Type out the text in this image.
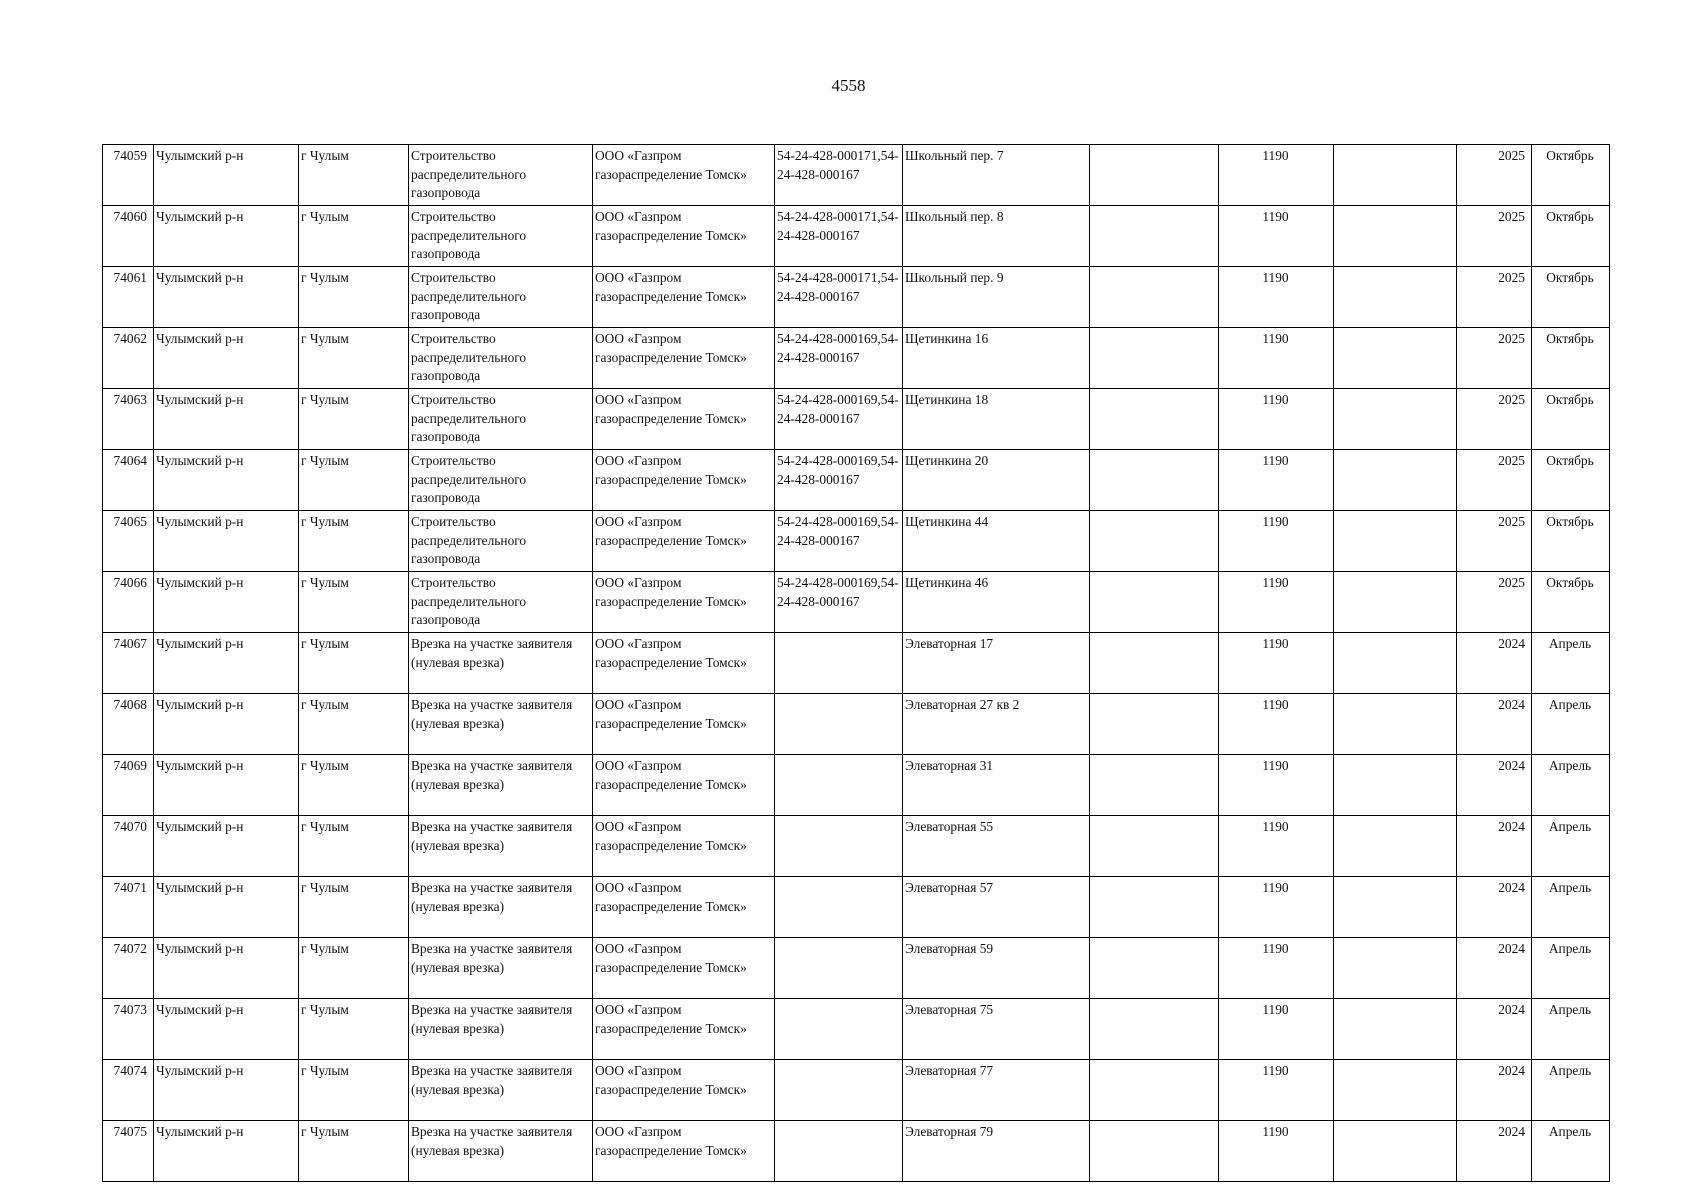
4558
74059	Чулымский р-н	г Чулым	Строительство распределительного газопровода	ООО «Газпром газораспределение Томск»	54-24-428-000171,54-24-428-000167	Школьный пер. 7		1190		2025	Октябрь
74060	Чулымский р-н	г Чулым	Строительство распределительного газопровода	ООО «Газпром газораспределение Томск»	54-24-428-000171,54-24-428-000167	Школьный пер. 8		1190		2025	Октябрь
74061	Чулымский р-н	г Чулым	Строительство распределительного газопровода	ООО «Газпром газораспределение Томск»	54-24-428-000171,54-24-428-000167	Школьный пер. 9		1190		2025	Октябрь
74062	Чулымский р-н	г Чулым	Строительство распределительного газопровода	ООО «Газпром газораспределение Томск»	54-24-428-000169,54-24-428-000167	Щетинкина 16		1190		2025	Октябрь
74063	Чулымский р-н	г Чулым	Строительство распределительного газопровода	ООО «Газпром газораспределение Томск»	54-24-428-000169,54-24-428-000167	Щетинкина 18		1190		2025	Октябрь
74064	Чулымский р-н	г Чулым	Строительство распределительного газопровода	ООО «Газпром газораспределение Томск»	54-24-428-000169,54-24-428-000167	Щетинкина 20		1190		2025	Октябрь
74065	Чулымский р-н	г Чулым	Строительство распределительного газопровода	ООО «Газпром газораспределение Томск»	54-24-428-000169,54-24-428-000167	Щетинкина 44		1190		2025	Октябрь
74066	Чулымский р-н	г Чулым	Строительство распределительного газопровода	ООО «Газпром газораспределение Томск»	54-24-428-000169,54-24-428-000167	Щетинкина 46		1190		2025	Октябрь
74067	Чулымский р-н	г Чулым	Врезка на участке заявителя (нулевая врезка)	ООО «Газпром газораспределение Томск»		Элеваторная 17		1190		2024	Апрель
74068	Чулымский р-н	г Чулым	Врезка на участке заявителя (нулевая врезка)	ООО «Газпром газораспределение Томск»		Элеваторная 27 кв 2		1190		2024	Апрель
74069	Чулымский р-н	г Чулым	Врезка на участке заявителя (нулевая врезка)	ООО «Газпром газораспределение Томск»		Элеваторная 31		1190		2024	Апрель
74070	Чулымский р-н	г Чулым	Врезка на участке заявителя (нулевая врезка)	ООО «Газпром газораспределение Томск»		Элеваторная 55		1190		2024	Апрель
74071	Чулымский р-н	г Чулым	Врезка на участке заявителя (нулевая врезка)	ООО «Газпром газораспределение Томск»		Элеваторная 57		1190		2024	Апрель
74072	Чулымский р-н	г Чулым	Врезка на участке заявителя (нулевая врезка)	ООО «Газпром газораспределение Томск»		Элеваторная 59		1190		2024	Апрель
74073	Чулымский р-н	г Чулым	Врезка на участке заявителя (нулевая врезка)	ООО «Газпром газораспределение Томск»		Элеваторная 75		1190		2024	Апрель
74074	Чулымский р-н	г Чулым	Врезка на участке заявителя (нулевая врезка)	ООО «Газпром газораспределение Томск»		Элеваторная 77		1190		2024	Апрель
74075	Чулымский р-н	г Чулым	Врезка на участке заявителя (нулевая врезка)	ООО «Газпром газораспределение Томск»		Элеваторная 79		1190		2024	Апрель
